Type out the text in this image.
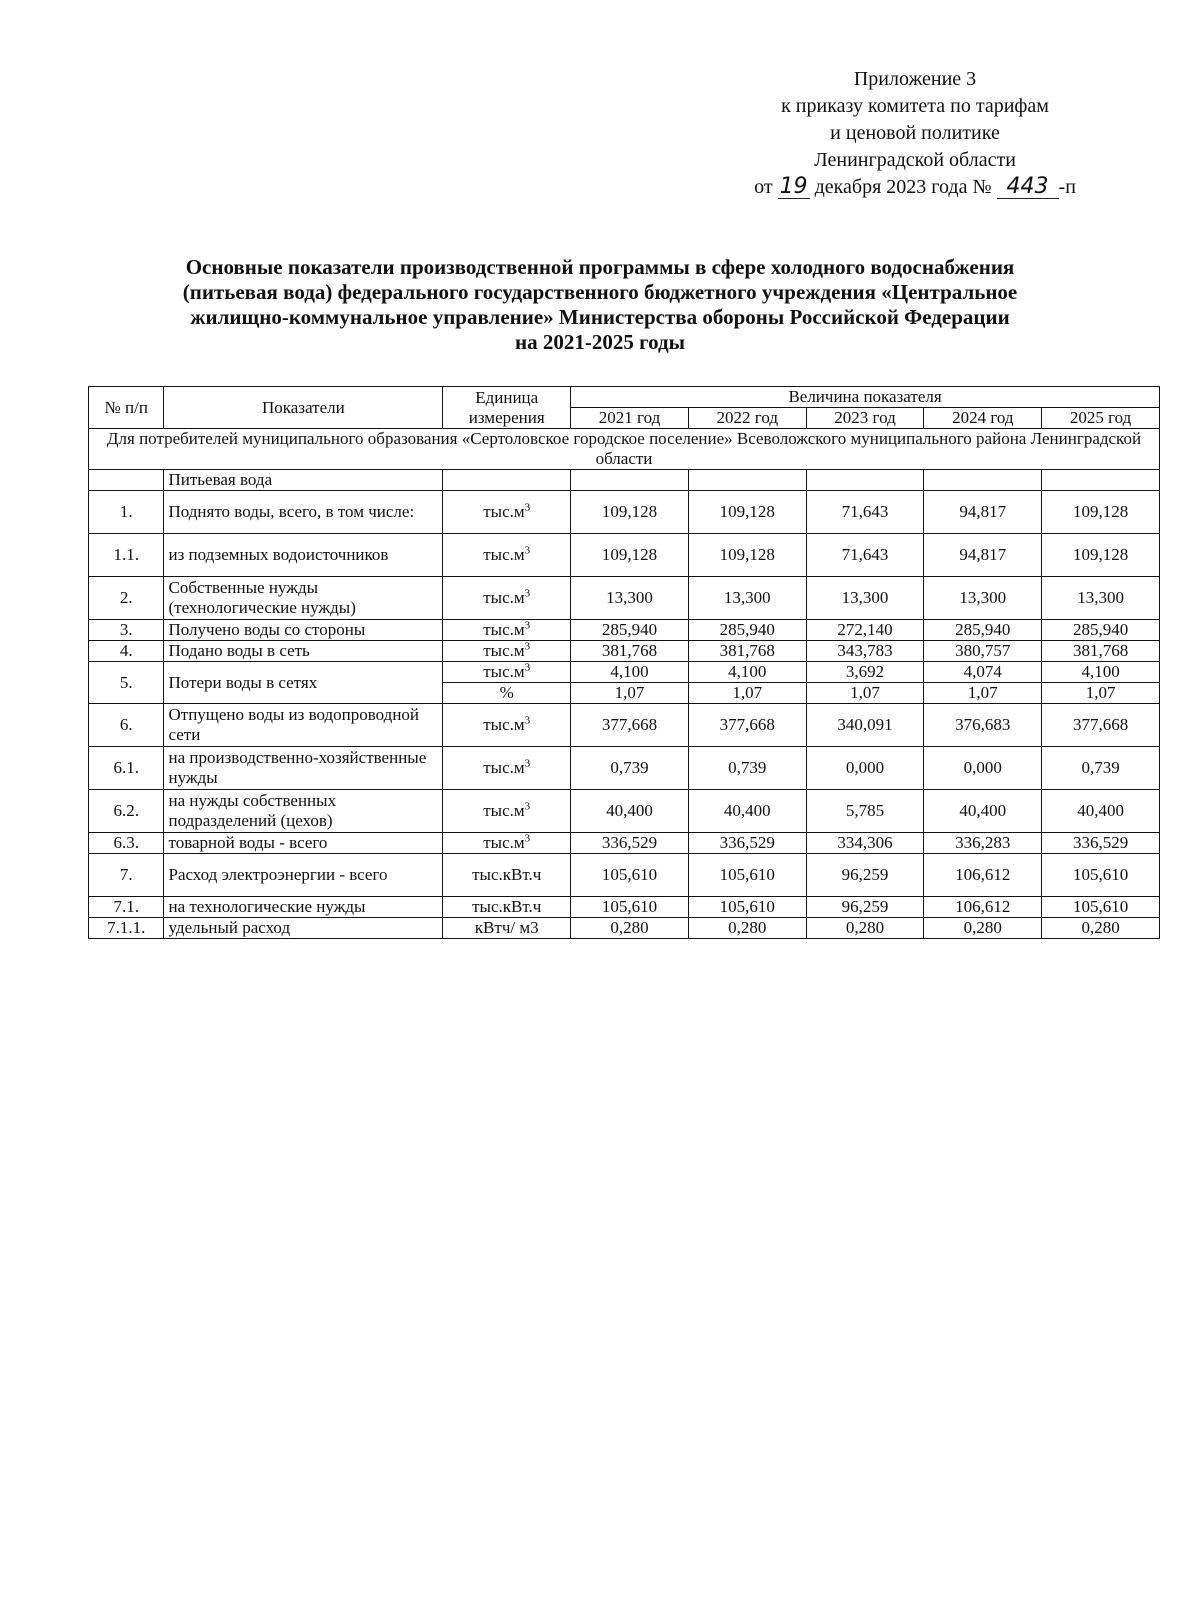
Приложение 3
к приказу комитета по тарифам
и ценовой политике
Ленинградской области
от 19 декабря 2023 года № 443 -п
Основные показатели производственной программы в сфере холодного водоснабжения
(питьевая вода) федерального государственного бюджетного учреждения «Центральное
жилищно-коммунальное управление» Министерства обороны Российской Федерации
на 2021-2025 годы
№ п/п	Показатели	Единица измерения	Величина показателя				
			2021 год	2022 год	2023 год	2024 год	2025 год
Для потребителей муниципального образования «Сертоловское городское поселение» Всеволожского муниципального района Ленинградской области							
	Питьевая вода						
1.	Поднято воды, всего, в том числе:	$тыс.м^3$	109,128	109,128	71,643	94,817	109,128
1.1.	из подземных водоисточников	$тыс.м^3$	109,128	109,128	71,643	94,817	109,128
2.	Собственные нужды (технологические нужды)	$тыс.м^3$	13,300	13,300	13,300	13,300	13,300
3.	Получено воды со стороны	$тыс.м^3$	285,940	285,940	272,140	285,940	285,940
4.	Подано воды в сеть	$тыс.м^3$	381,768	381,768	343,783	380,757	381,768
5.	Потери воды в сетях	$тыс.м^3$	4,100	4,100	3,692	4,074	4,100
		%	1,07	1,07	1,07	1,07	1,07
6.	Отпущено воды из водопроводной сети	$тыс.м^3$	377,668	377,668	340,091	376,683	377,668
6.1.	на производственно-хозяйственные нужды	$тыс.м^3$	0,739	0,739	0,000	0,000	0,739
6.2.	на нужды собственных подразделений (цехов)	$тыс.м^3$	40,400	40,400	5,785	40,400	40,400
6.3.	товарной воды - всего	$тыс.м^3$	336,529	336,529	334,306	336,283	336,529
7.	Расход электроэнергии - всего	тыс.кВт.ч	105,610	105,610	96,259	106,612	105,610
7.1.	на технологические нужды	тыс.кВт.ч	105,610	105,610	96,259	106,612	105,610
7.1.1.	удельный расход	кВтч/ м3	0,280	0,280	0,280	0,280	0,280
